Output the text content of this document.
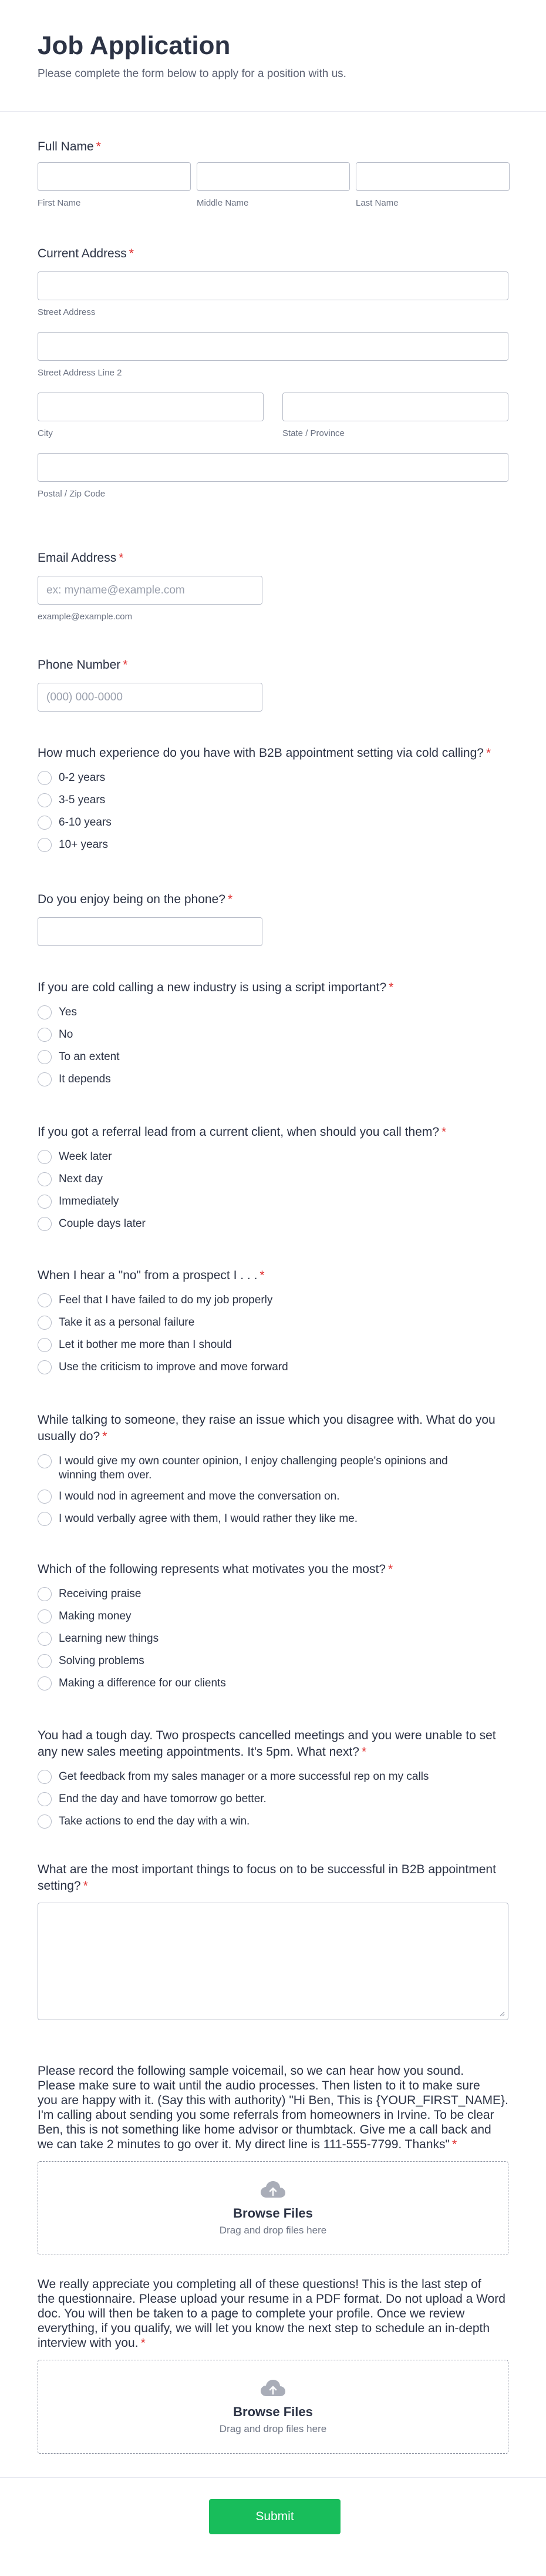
Job Application
Please complete the form below to apply for a position with us.
Full Name *
First Name	Middle Name	Last Name
Current Address *
Street Address
Street Address Line 2
City	State / Province
Postal / Zip Code
Email Address *
ex: myname@example.com
example@example.com
Phone Number *
(000) 000-0000
How much experience do you have with B2B appointment setting via cold calling? *
0-2 years
3-5 years
6-10 years
10+ years
Do you enjoy being on the phone? *
If you are cold calling a new industry is using a script important? *
Yes
No
To an extent
It depends
If you got a referral lead from a current client, when should you call them? *
Week later
Next day
Immediately
Couple days later
When I hear a "no" from a prospect I . . . *
Feel that I have failed to do my job properly
Take it as a personal failure
Let it bother me more than I should
Use the criticism to improve and move forward
While talking to someone, they raise an issue which you disagree with. What do you
usually do? *
I would give my own counter opinion, I enjoy challenging people's opinions and
winning them over.
I would nod in agreement and move the conversation on.
I would verbally agree with them, I would rather they like me.
Which of the following represents what motivates you the most? *
Receiving praise
Making money
Learning new things
Solving problems
Making a difference for our clients
You had a tough day. Two prospects cancelled meetings and you were unable to set
any new sales meeting appointments. It's 5pm. What next? *
Get feedback from my sales manager or a more successful rep on my calls
End the day and have tomorrow go better.
Take actions to end the day with a win.
What are the most important things to focus on to be successful in B2B appointment
setting? *
Please record the following sample voicemail, so we can hear how you sound.
Please make sure to wait until the audio processes. Then listen to it to make sure
you are happy with it. (Say this with authority) "Hi Ben, This is {YOUR_FIRST_NAME}.
I'm calling about sending you some referrals from homeowners in Irvine. To be clear
Ben, this is not something like home advisor or thumbtack. Give me a call back and
we can take 2 minutes to go over it. My direct line is 111-555-7799. Thanks" *
Browse Files
Drag and drop files here
We really appreciate you completing all of these questions! This is the last step of
the questionnaire. Please upload your resume in a PDF format. Do not upload a Word
doc. You will then be taken to a page to complete your profile. Once we review
everything, if you qualify, we will let you know the next step to schedule an in-depth
interview with you. *
Browse Files
Drag and drop files here
Submit
